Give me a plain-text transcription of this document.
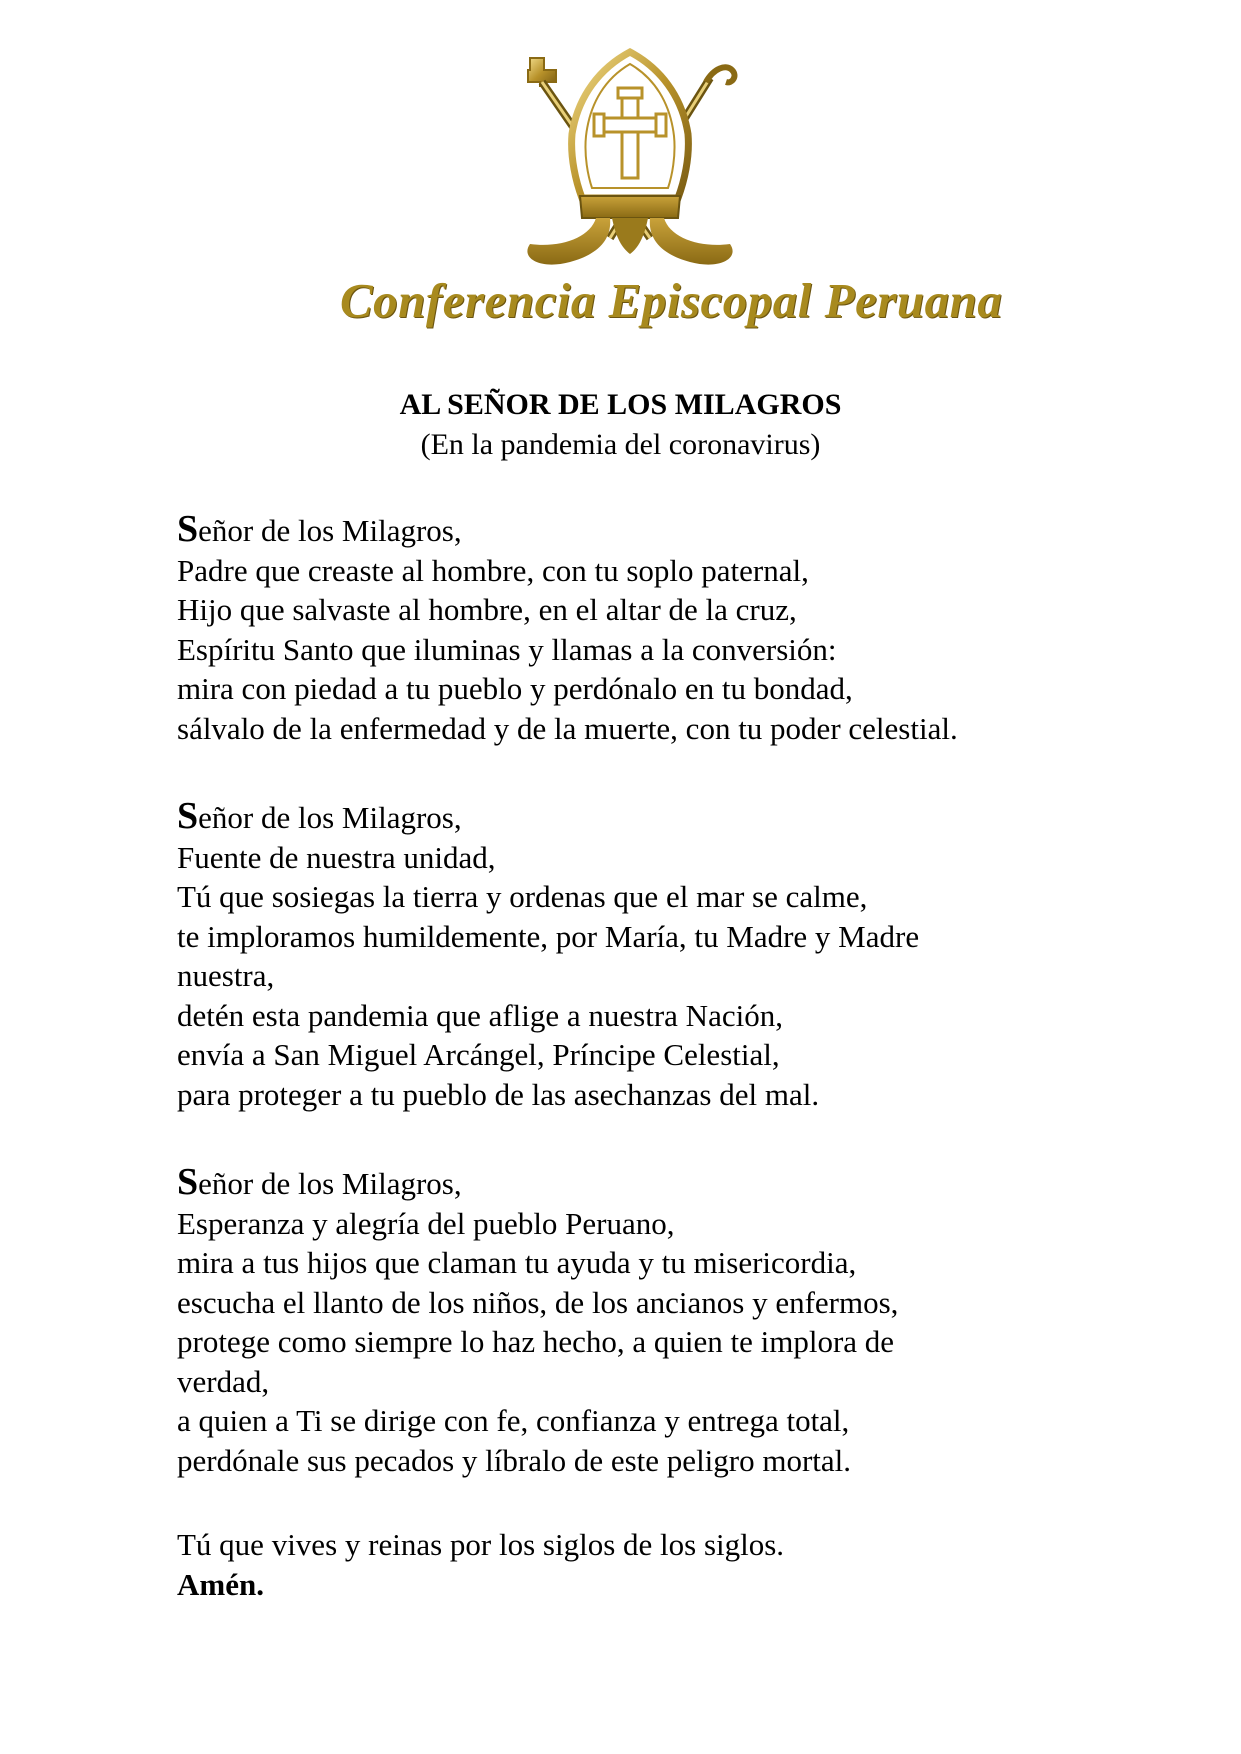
Conferencia Episcopal Peruana
AL SEÑOR DE LOS MILAGROS
(En la pandemia del coronavirus)
Señor de los Milagros,
Padre que creaste al hombre, con tu soplo paternal,
Hijo que salvaste al hombre, en el altar de la cruz,
Espíritu Santo que iluminas y llamas a la conversión:
mira con piedad a tu pueblo y perdónalo en tu bondad,
sálvalo de la enfermedad y de la muerte, con tu poder celestial.
Señor de los Milagros,
Fuente de nuestra unidad,
Tú que sosiegas la tierra y ordenas que el mar se calme,
te imploramos humildemente, por María, tu Madre y Madre
nuestra,
detén esta pandemia que aflige a nuestra Nación,
envía a San Miguel Arcángel, Príncipe Celestial,
para proteger a tu pueblo de las asechanzas del mal.
Señor de los Milagros,
Esperanza y alegría del pueblo Peruano,
mira a tus hijos que claman tu ayuda y tu misericordia,
escucha el llanto de los niños, de los ancianos y enfermos,
protege como siempre lo haz hecho, a quien te implora de
verdad,
a quien a Ti se dirige con fe, confianza y entrega total,
perdónale sus pecados y líbralo de este peligro mortal.
Tú que vives y reinas por los siglos de los siglos.
Amén.
